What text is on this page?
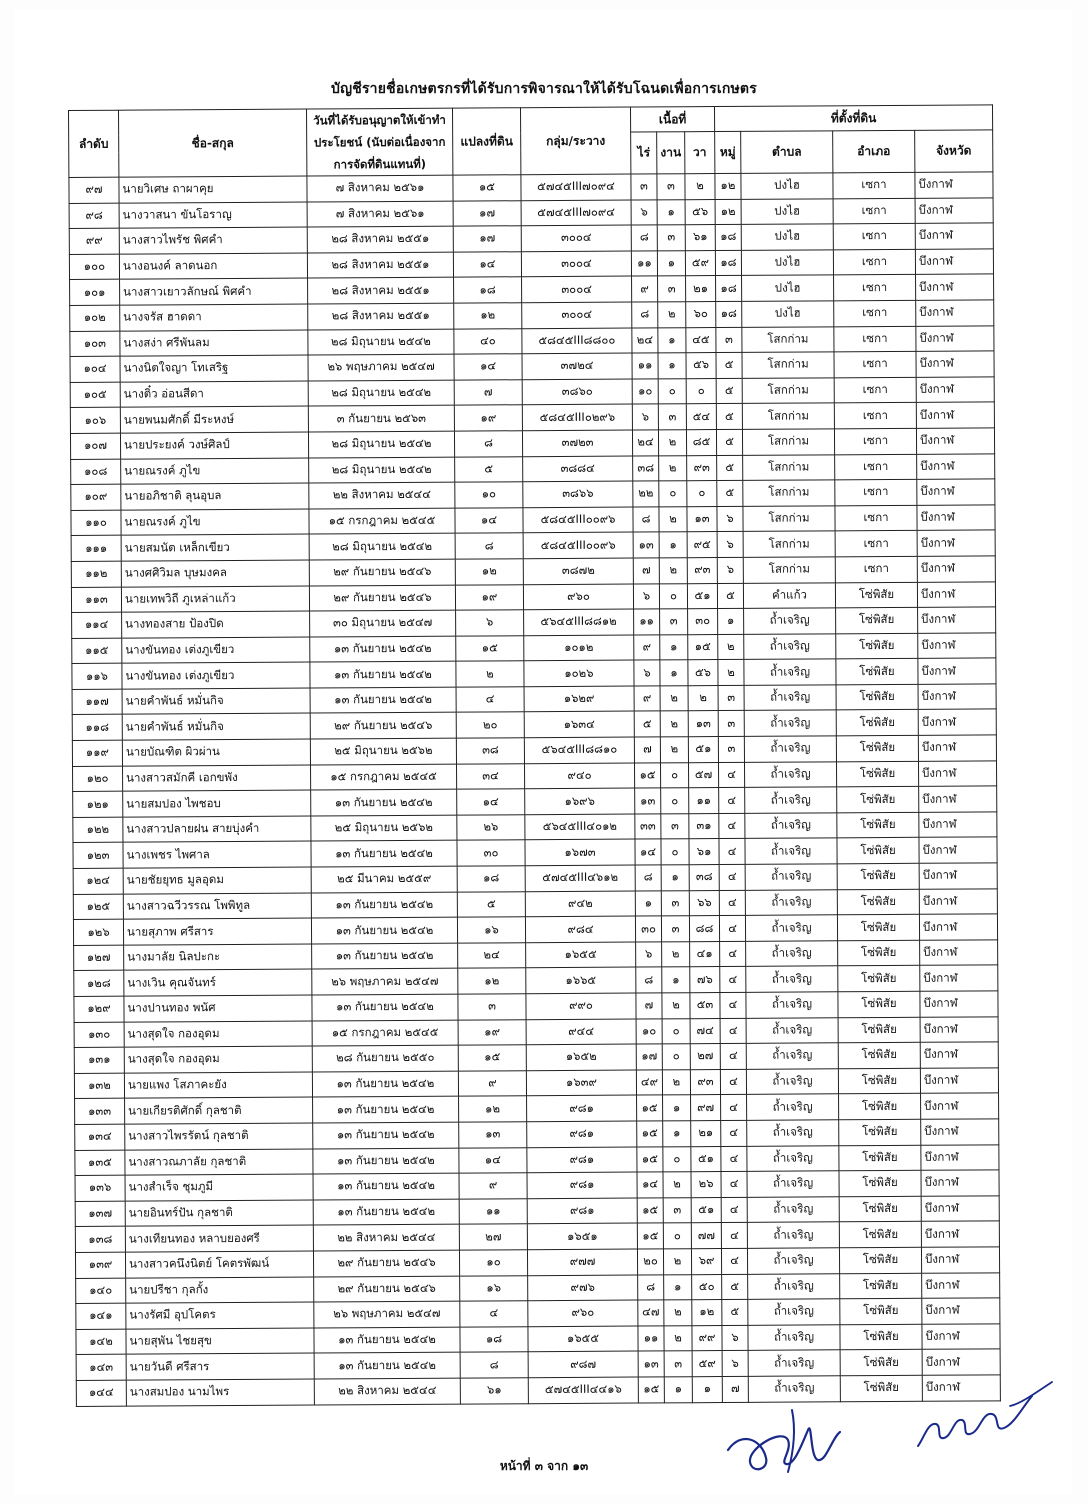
บัญชีรายชื่อเกษตรกรที่ได้รับการพิจารณาให้ได้รับโฉนดเพื่อการเกษตร
ลำดับ	ชื่อ-สกุล	วันที่ได้รับอนุญาตให้เข้าทำประโยชน์ (นับต่อเนื่องจากการจัดที่ดินแทนที่)	แปลงที่ดิน	กลุ่ม/ระวาง	เนื้อที่			ที่ตั้งที่ดิน			
					ไร่	งาน	วา	หมู่	ตำบล	อำเภอ	จังหวัด

๙๗	นายวิเศษ ถาผาคุย	๗ สิงหาคม ๒๕๖๑	๑๕	๕๗๔๕III๗๐๙๔	๓	๓	๒	๑๒	ปงไฮ	เซกา	บึงกาฬ
๙๘	นางวาสนา ขันโอราญ	๗ สิงหาคม ๒๕๖๑	๑๗	๕๗๔๕III๗๐๙๔	๖	๑	๕๖	๑๒	ปงไฮ	เซกา	บึงกาฬ
๙๙	นางสาวไพรัช พิศคำ	๒๘ สิงหาคม ๒๕๕๑	๑๗	๓๐๐๔	๘	๓	๖๑	๑๘	ปงไฮ	เซกา	บึงกาฬ
๑๐๐	นางอนงค์ ลาดนอก	๒๘ สิงหาคม ๒๕๕๑	๑๔	๓๐๐๔	๑๑	๑	๕๙	๑๘	ปงไฮ	เซกา	บึงกาฬ
๑๐๑	นางสาวเยาวลักษณ์ พิศคำ	๒๘ สิงหาคม ๒๕๕๑	๑๘	๓๐๐๔	๙	๓	๒๑	๑๘	ปงไฮ	เซกา	บึงกาฬ
๑๐๒	นางจรัส ฮาดดา	๒๘ สิงหาคม ๒๕๕๑	๑๒	๓๐๐๔	๘	๒	๖๐	๑๘	ปงไฮ	เซกา	บึงกาฬ
๑๐๓	นางสง่า ศรีพันลม	๒๘ มิถุนายน ๒๕๔๒	๔๐	๕๘๔๕III๘๘๐๐	๒๔	๑	๔๕	๓	โสกก่าม	เซกา	บึงกาฬ
๑๐๔	นางนิตใจญา โทเสริฐ	๒๖ พฤษภาคม ๒๕๔๗	๑๔	๓๗๒๔	๑๑	๑	๕๖	๕	โสกก่าม	เซกา	บึงกาฬ
๑๐๕	นางติ๋ว อ่อนสีดา	๒๘ มิถุนายน ๒๕๔๒	๗	๓๘๖๐	๑๐	๐	๐	๕	โสกก่าม	เซกา	บึงกาฬ
๑๐๖	นายพนมศักดิ์ มีระหงษ์	๓ กันยายน ๒๕๖๓	๑๙	๕๘๔๕III๐๒๙๖	๖	๓	๕๔	๕	โสกก่าม	เซกา	บึงกาฬ
๑๐๗	นายประยงค์ วงษ์ศิลป์	๒๘ มิถุนายน ๒๕๔๒	๘	๓๗๒๓	๒๔	๒	๘๕	๕	โสกก่าม	เซกา	บึงกาฬ
๑๐๘	นายณรงค์ ภูไข	๒๘ มิถุนายน ๒๕๔๒	๕	๓๘๘๔	๓๘	๒	๙๓	๕	โสกก่าม	เซกา	บึงกาฬ
๑๐๙	นายอภิชาติ ลุนอุบล	๒๒ สิงหาคม ๒๕๔๔	๑๐	๓๘๖๖	๒๒	๐	๐	๕	โสกก่าม	เซกา	บึงกาฬ
๑๑๐	นายณรงค์ ภูไข	๑๕ กรกฎาคม ๒๕๔๕	๑๔	๕๘๔๕III๐๐๙๖	๘	๒	๑๓	๖	โสกก่าม	เซกา	บึงกาฬ
๑๑๑	นายสมนัต เหล็กเขียว	๒๘ มิถุนายน ๒๕๔๒	๘	๕๘๔๕III๐๐๙๖	๑๓	๑	๙๕	๖	โสกก่าม	เซกา	บึงกาฬ
๑๑๒	นางศศิวิมล บุษมงคล	๒๙ กันยายน ๒๕๔๖	๑๒	๓๘๗๒	๗	๒	๙๓	๖	โสกก่าม	เซกา	บึงกาฬ
๑๑๓	นายเทพวิถี ภูเหล่าแก้ว	๒๙ กันยายน ๒๕๔๖	๑๙	๙๖๐	๖	๐	๕๑	๕	คำแก้ว	โซ่พิสัย	บึงกาฬ
๑๑๔	นางทองสาย ป้องปิด	๓๐ มิถุนายน ๒๕๔๗	๖	๕๖๔๕III๘๘๑๒	๑๑	๓	๓๐	๑	ถ้ำเจริญ	โซ่พิสัย	บึงกาฬ
๑๑๕	นางขันทอง เต่งภูเขียว	๑๓ กันยายน ๒๕๔๒	๑๕	๑๐๑๒	๙	๑	๑๕	๒	ถ้ำเจริญ	โซ่พิสัย	บึงกาฬ
๑๑๖	นางขันทอง เต่งภูเขียว	๑๓ กันยายน ๒๕๔๒	๒	๑๐๒๖	๖	๑	๕๖	๒	ถ้ำเจริญ	โซ่พิสัย	บึงกาฬ
๑๑๗	นายคำพันธ์ หมั่นกิจ	๑๓ กันยายน ๒๕๔๒	๔	๑๖๒๙	๙	๒	๒	๓	ถ้ำเจริญ	โซ่พิสัย	บึงกาฬ
๑๑๘	นายคำพันธ์ หมั่นกิจ	๒๙ กันยายน ๒๕๔๖	๒๐	๑๖๓๔	๕	๒	๑๓	๓	ถ้ำเจริญ	โซ่พิสัย	บึงกาฬ
๑๑๙	นายบัณฑิต ผิวผ่าน	๒๕ มิถุนายน ๒๕๖๒	๓๘	๕๖๔๕III๘๘๑๐	๗	๒	๕๑	๓	ถ้ำเจริญ	โซ่พิสัย	บึงกาฬ
๑๒๐	นางสาวสมักคี เอกขพัง	๑๕ กรกฎาคม ๒๕๔๕	๓๔	๙๔๐	๑๕	๐	๕๗	๔	ถ้ำเจริญ	โซ่พิสัย	บึงกาฬ
๑๒๑	นายสมปอง ไพชอบ	๑๓ กันยายน ๒๕๔๒	๑๔	๑๖๙๖	๑๓	๐	๑๑	๔	ถ้ำเจริญ	โซ่พิสัย	บึงกาฬ
๑๒๒	นางสาวปลายฝน สายบุ่งคำ	๒๕ มิถุนายน ๒๕๖๒	๒๖	๕๖๔๕III๔๐๑๒	๓๓	๓	๓๑	๔	ถ้ำเจริญ	โซ่พิสัย	บึงกาฬ
๑๒๓	นางเพชร ไพศาล	๑๓ กันยายน ๒๕๔๒	๓๐	๑๖๗๓	๑๔	๐	๖๑	๔	ถ้ำเจริญ	โซ่พิสัย	บึงกาฬ
๑๒๔	นายชัยยุทธ มูลอุดม	๒๕ มีนาคม ๒๕๕๙	๑๘	๕๗๔๕III๔๖๑๒	๘	๑	๓๘	๔	ถ้ำเจริญ	โซ่พิสัย	บึงกาฬ
๑๒๕	นางสาวฉวีวรรณ โพพิทูล	๑๓ กันยายน ๒๕๔๒	๕	๙๔๒	๑	๓	๖๖	๔	ถ้ำเจริญ	โซ่พิสัย	บึงกาฬ
๑๒๖	นายสุภาพ ศรีสาร	๑๓ กันยายน ๒๕๔๒	๑๖	๙๘๔	๓๐	๓	๘๘	๔	ถ้ำเจริญ	โซ่พิสัย	บึงกาฬ
๑๒๗	นางมาลัย นิลปะกะ	๑๓ กันยายน ๒๕๔๒	๒๔	๑๖๕๕	๖	๒	๔๑	๔	ถ้ำเจริญ	โซ่พิสัย	บึงกาฬ
๑๒๘	นางเวิน คุณจันทร์	๒๖ พฤษภาคม ๒๕๔๗	๑๒	๑๖๖๕	๘	๑	๗๖	๔	ถ้ำเจริญ	โซ่พิสัย	บึงกาฬ
๑๒๙	นางปานทอง พนัศ	๑๓ กันยายน ๒๕๔๒	๓	๙๙๐	๗	๒	๕๓	๔	ถ้ำเจริญ	โซ่พิสัย	บึงกาฬ
๑๓๐	นางสุดใจ กองอุดม	๑๕ กรกฎาคม ๒๕๔๕	๑๙	๙๔๔	๑๐	๐	๗๔	๔	ถ้ำเจริญ	โซ่พิสัย	บึงกาฬ
๑๓๑	นางสุดใจ กองอุดม	๒๘ กันยายน ๒๕๕๐	๑๕	๑๖๕๒	๑๗	๐	๒๗	๔	ถ้ำเจริญ	โซ่พิสัย	บึงกาฬ
๑๓๒	นายแพง โสภาคะยัง	๑๓ กันยายน ๒๕๔๒	๙	๑๖๓๙	๔๙	๒	๙๓	๔	ถ้ำเจริญ	โซ่พิสัย	บึงกาฬ
๑๓๓	นายเกียรติศักดิ์ กุลชาติ	๑๓ กันยายน ๒๕๔๒	๑๒	๙๘๑	๑๕	๑	๙๗	๔	ถ้ำเจริญ	โซ่พิสัย	บึงกาฬ
๑๓๔	นางสาวไพรรัตน์ กุลชาติ	๑๓ กันยายน ๒๕๔๒	๑๓	๙๘๑	๑๕	๑	๒๑	๔	ถ้ำเจริญ	โซ่พิสัย	บึงกาฬ
๑๓๕	นางสาวณภาลัย กุลชาติ	๑๓ กันยายน ๒๕๔๒	๑๔	๙๘๑	๑๕	๐	๕๑	๔	ถ้ำเจริญ	โซ่พิสัย	บึงกาฬ
๑๓๖	นางสำเร็จ ชุมภูมี	๑๓ กันยายน ๒๕๔๒	๙	๙๘๑	๑๔	๒	๒๖	๔	ถ้ำเจริญ	โซ่พิสัย	บึงกาฬ
๑๓๗	นายอินทร์ปัน กุลชาติ	๑๓ กันยายน ๒๕๔๒	๑๑	๙๘๑	๑๕	๓	๕๑	๔	ถ้ำเจริญ	โซ่พิสัย	บึงกาฬ
๑๓๘	นางเทียนทอง หลาบยองศรี	๒๒ สิงหาคม ๒๕๔๔	๒๗	๑๖๕๑	๑๕	๐	๗๗	๔	ถ้ำเจริญ	โซ่พิสัย	บึงกาฬ
๑๓๙	นางสาวคนึงนิตย์ โคตรพัฒน์	๒๙ กันยายน ๒๕๔๖	๑๐	๙๗๗	๒๐	๒	๖๙	๔	ถ้ำเจริญ	โซ่พิสัย	บึงกาฬ
๑๔๐	นายปรีชา กุลกั้ง	๒๙ กันยายน ๒๕๔๖	๑๖	๙๗๖	๘	๑	๕๐	๕	ถ้ำเจริญ	โซ่พิสัย	บึงกาฬ
๑๔๑	นางรัศมี อุปโคตร	๒๖ พฤษภาคม ๒๕๔๗	๔	๙๖๐	๔๗	๒	๑๒	๕	ถ้ำเจริญ	โซ่พิสัย	บึงกาฬ
๑๔๒	นายสุพัน ไชยสุข	๑๓ กันยายน ๒๕๔๒	๑๘	๑๖๕๕	๑๑	๒	๙๙	๖	ถ้ำเจริญ	โซ่พิสัย	บึงกาฬ
๑๔๓	นายวันดี ศรีสาร	๑๓ กันยายน ๒๕๔๒	๘	๙๘๗	๑๓	๓	๕๙	๖	ถ้ำเจริญ	โซ่พิสัย	บึงกาฬ
๑๔๔	นางสมปอง นามไพร	๒๒ สิงหาคม ๒๕๔๔	๖๑	๕๗๔๕III๔๔๑๖	๑๕	๑	๑	๗	ถ้ำเจริญ	โซ่พิสัย	บึงกาฬ
หน้าที่ ๓ จาก ๑๓
